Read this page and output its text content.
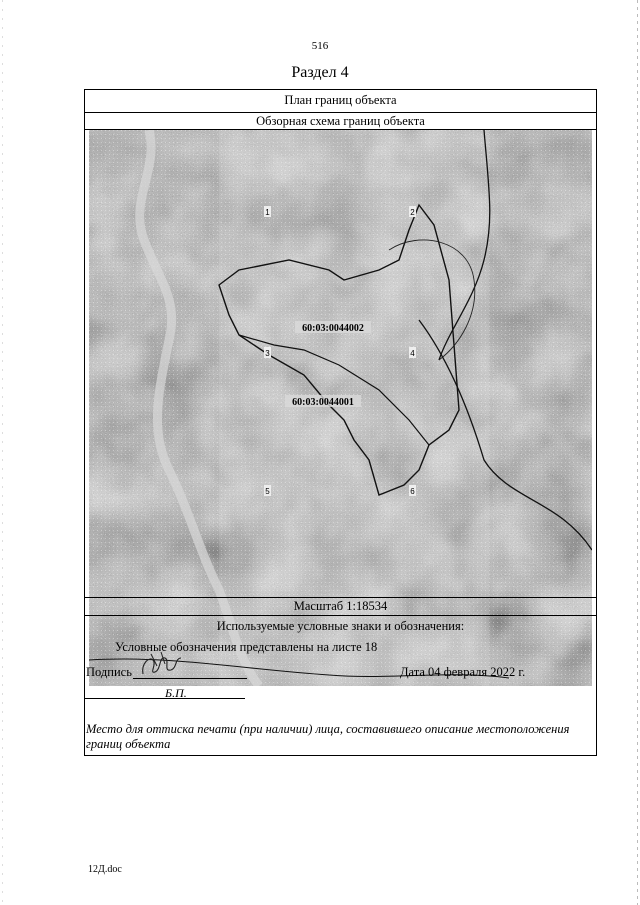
516
Раздел 4
План границ объекта
Обзорная схема границ объекта
1	2
3	4
5	6
60:03:0044002
60:03:0044001
Масштаб 1:18534
Используемые условные знаки и обозначения:
Условные обозначения представлены на листе 18
Подпись
Б.П.
Дата 04 февраля 2022 г.
Место для оттиска печати (при наличии) лица, составившего описание местоположения границ объекта
12Д.doc
